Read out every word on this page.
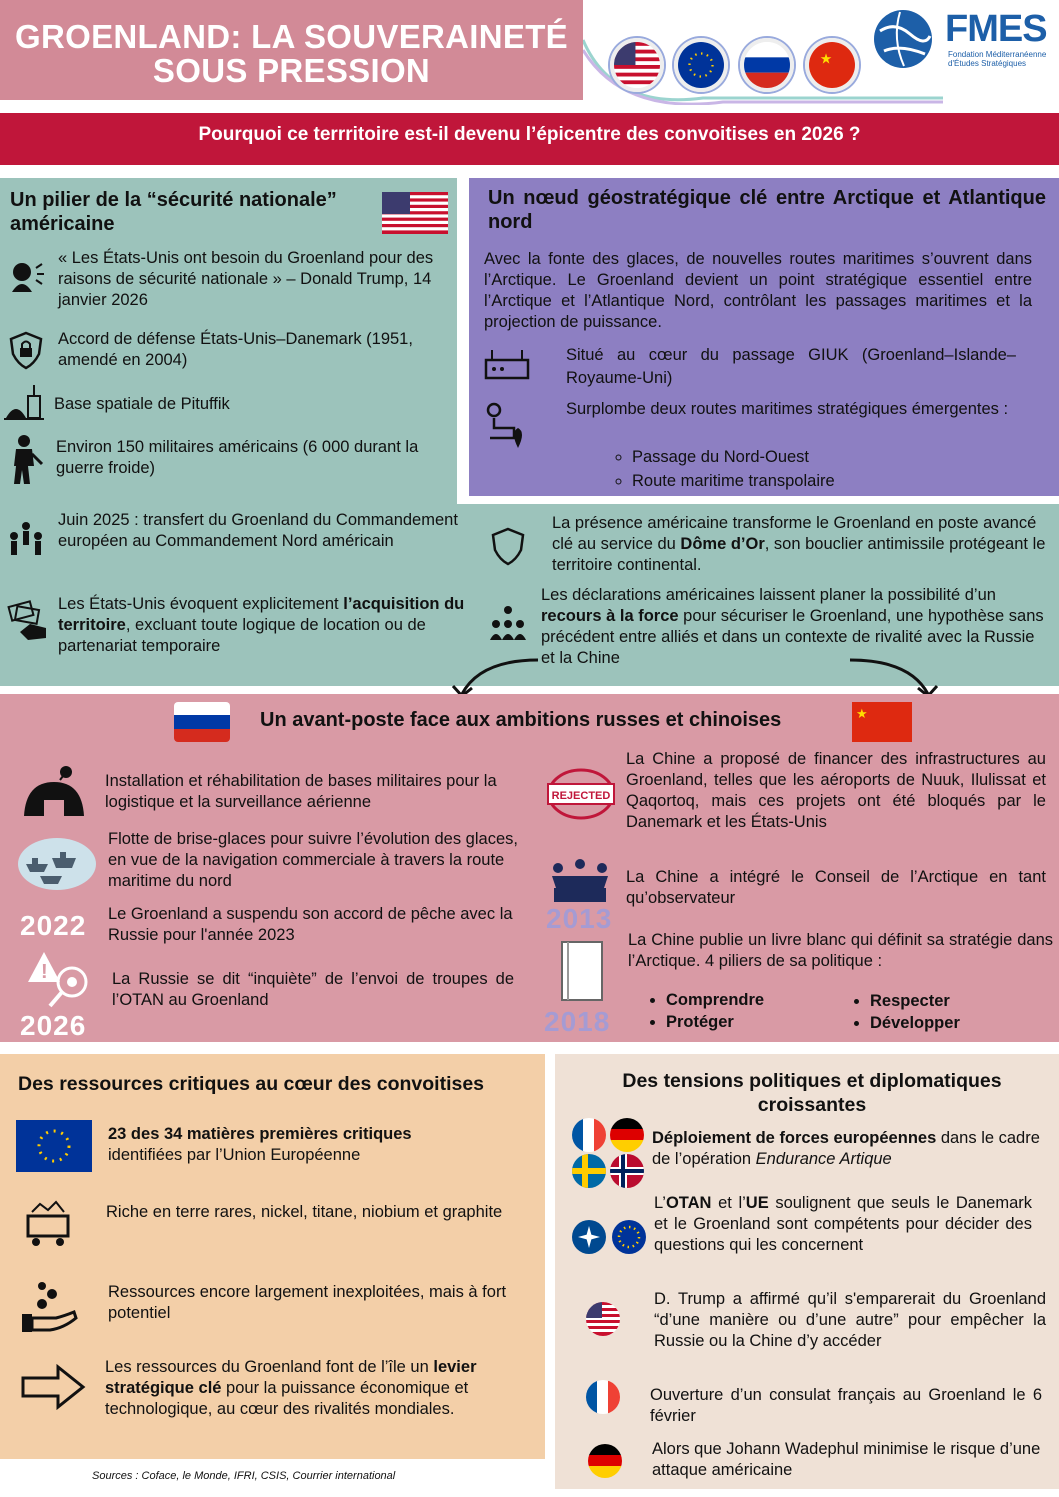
GROENLAND: LA SOUVERAINETÉ
SOUS PRESSION	★
FMES
Fondation Méditerranéenne
d'Études Stratégiques
Pourquoi ce terrritoire est-il devenu l’épicentre des convoitises en 2026 ?
Un pilier de la “sécurité nationale” américaine
« Les États-Unis ont besoin du Groenland pour des raisons de sécurité nationale » – Donald Trump, 14 janvier 2026
Accord de défense États-Unis–Danemark (1951, amendé en 2004)
Base spatiale de Pituffik
Environ 150 militaires américains (6 000 durant la guerre froide)
Juin 2025 : transfert du Groenland du Commandement européen au Commandement Nord américain
Les États-Unis évoquent explicitement l’acquisition du territoire, excluant toute logique de location ou de partenariat temporaire
La présence américaine transforme le Groenland en poste avancé clé au service du Dôme d’Or, son bouclier antimissile protégeant le territoire continental.
Les déclarations américaines laissent planer la possibilité d’un recours à la force pour sécuriser le Groenland, une hypothèse sans précédent entre alliés et dans un contexte de rivalité avec la Russie et la Chine
Un nœud géostratégique clé entre Arctique et Atlantique nord
Avec la fonte des glaces, de nouvelles routes maritimes s’ouvrent dans l’Arctique. Le Groenland devient un point stratégique essentiel entre l’Arctique et l’Atlantique Nord, contrôlant les passages maritimes et la projection de puissance.
Situé au cœur du passage GIUK (Groenland–Islande–Royaume-Uni)
Surplombe deux routes maritimes stratégiques émergentes :
◦ Passage du Nord-Ouest
◦ Route maritime transpolaire
Un avant-poste face aux ambitions russes et chinoises	★
Installation et réhabilitation de bases militaires pour la logistique et la surveillance aérienne
Flotte de brise-glaces pour suivre l’évolution des glaces, en vue de la navigation commerciale à travers la route maritime du nord
2022 Le Groenland a suspendu son accord de pêche avec la Russie pour l'année 2023
!	La Russie se dit “inquiète” de l’envoi de troupes de l’OTAN au Groenland
2026
REJECTED
La Chine a proposé de financer des infrastructures au Groenland, telles que les aéroports de Nuuk, Ilulissat et Qaqortoq, mais ces projets ont été bloqués par le Danemark et les États-Unis
2013
La Chine a intégré le Conseil de l’Arctique en tant qu’observateur
2018
La Chine publie un livre blanc qui définit sa stratégie dans l’Arctique. 4 piliers de sa politique :
• Comprendre
• Protéger
• Respecter
• Développer
Des ressources critiques au cœur des convoitises
23 des 34 matières premières critiques
identifiées par l’Union Européenne
Riche en terre rares, nickel, titane, niobium et graphite
Ressources encore largement inexploitées, mais à fort potentiel
Les ressources du Groenland font de l’île un levier stratégique clé pour la puissance économique et technologique, au cœur des rivalités mondiales.
Sources : Coface, le Monde, IFRI, CSIS, Courrier international
Des tensions politiques et diplomatiques croissantes
Déploiement de forces européennes dans le cadre de l’opération Endurance Artique
L’OTAN et l’UE soulignent que seuls le Danemark et le Groenland sont compétents pour décider des questions qui les concernent
D. Trump a affirmé qu’il s'emparerait du Groenland “d’une manière ou d’une autre” pour empêcher la Russie ou la Chine d’y accéder
Ouverture d’un consulat français au Groenland le 6 février
Alors que Johann Wadephul minimise le risque d’une attaque américaine
